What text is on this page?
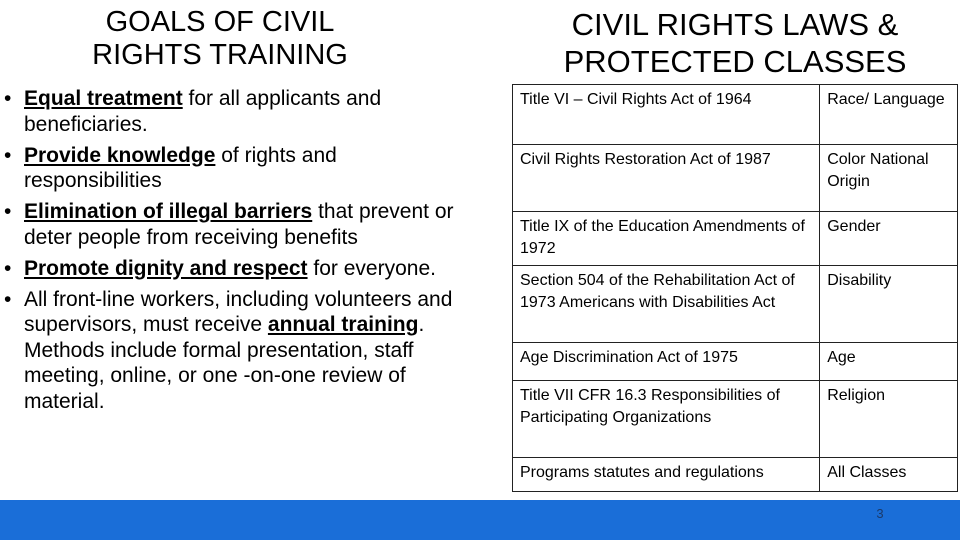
GOALS OF CIVIL
RIGHTS TRAINING
• Equal treatment for all applicants and beneficiaries.
• Provide knowledge of rights and responsibilities
• Elimination of illegal barriers that prevent or deter people from receiving benefits
• Promote dignity and respect for everyone.
• All front-line workers, including volunteers and supervisors, must receive annual training. Methods include formal presentation, staff meeting, online, or one -on-one review of material.
CIVIL RIGHTS LAWS &
PROTECTED CLASSES
Title VI – Civil Rights Act of 1964	Race/ Language
Civil Rights Restoration Act of 1987	Color National Origin
Title IX of the Education Amendments of 1972	Gender
Section 504 of the Rehabilitation Act of 1973 Americans with Disabilities Act	Disability
Age Discrimination Act of 1975	Age
Title VII CFR 16.3 Responsibilities of Participating Organizations	Religion
Programs statutes and regulations	All Classes
3
